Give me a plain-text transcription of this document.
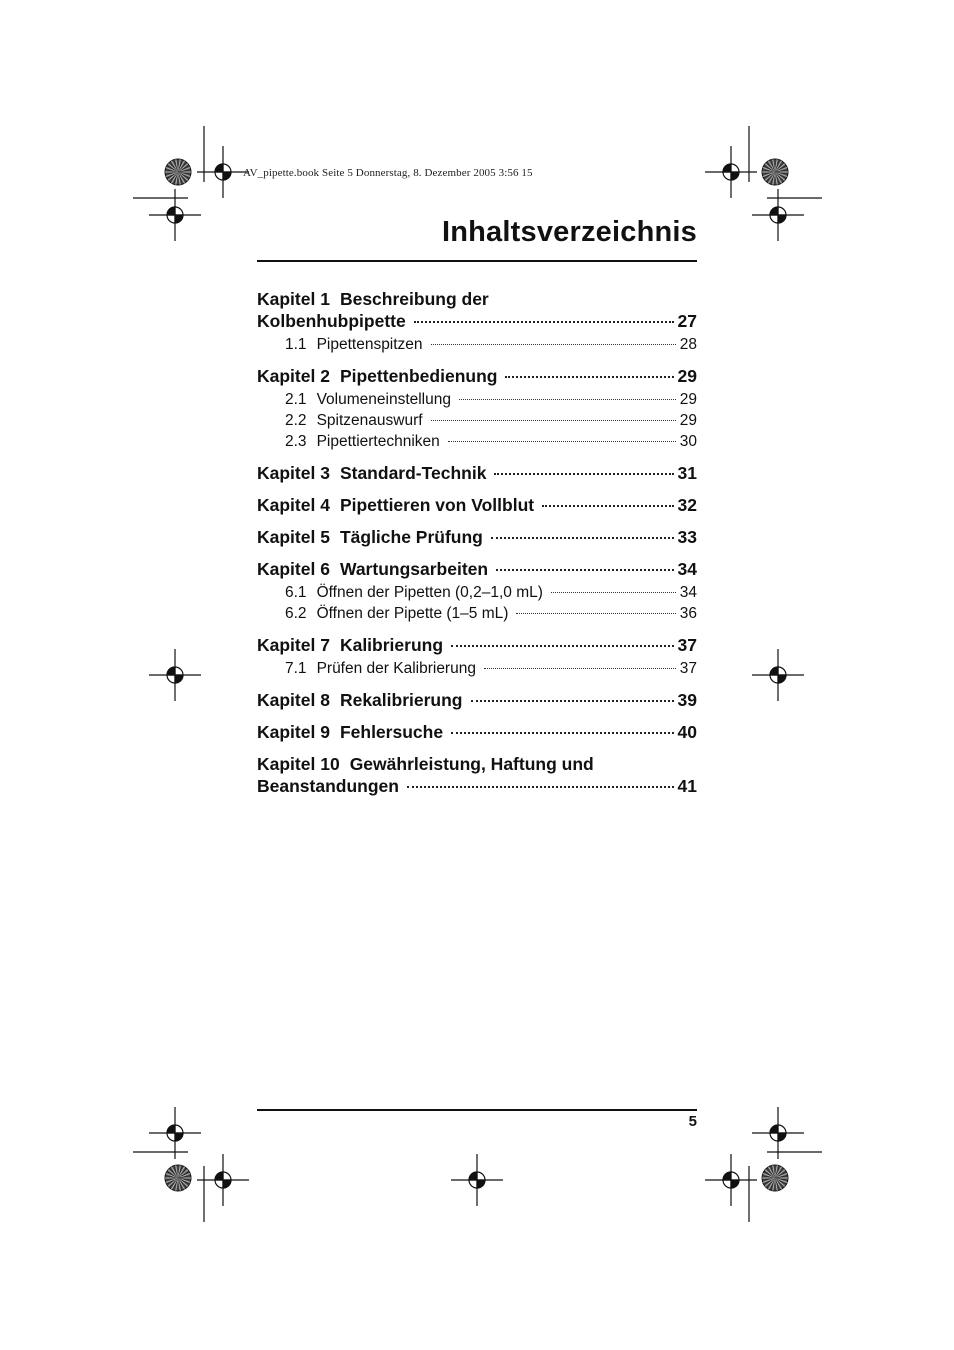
AV_pipette.book Seite 5 Donnerstag, 8. Dezember 2005 3:56 15
Inhaltsverzeichnis
Kapitel 1 Beschreibung der
Kolbenhubpipette	27
1.1 Pipettenspitzen	28
Kapitel 2 Pipettenbedienung	29
2.1 Volumeneinstellung	29
2.2 Spitzenauswurf	29
2.3 Pipettiertechniken	30
Kapitel 3 Standard-Technik	31
Kapitel 4 Pipettieren von Vollblut	32
Kapitel 5 Tägliche Prüfung	33
Kapitel 6 Wartungsarbeiten	34
6.1 Öffnen der Pipetten (0,2–1,0 mL)	34
6.2 Öffnen der Pipette (1–5 mL)	36
Kapitel 7 Kalibrierung	37
7.1 Prüfen der Kalibrierung	37
Kapitel 8 Rekalibrierung	39
Kapitel 9 Fehlersuche	40
Kapitel 10 Gewährleistung, Haftung und
Beanstandungen	41
5
